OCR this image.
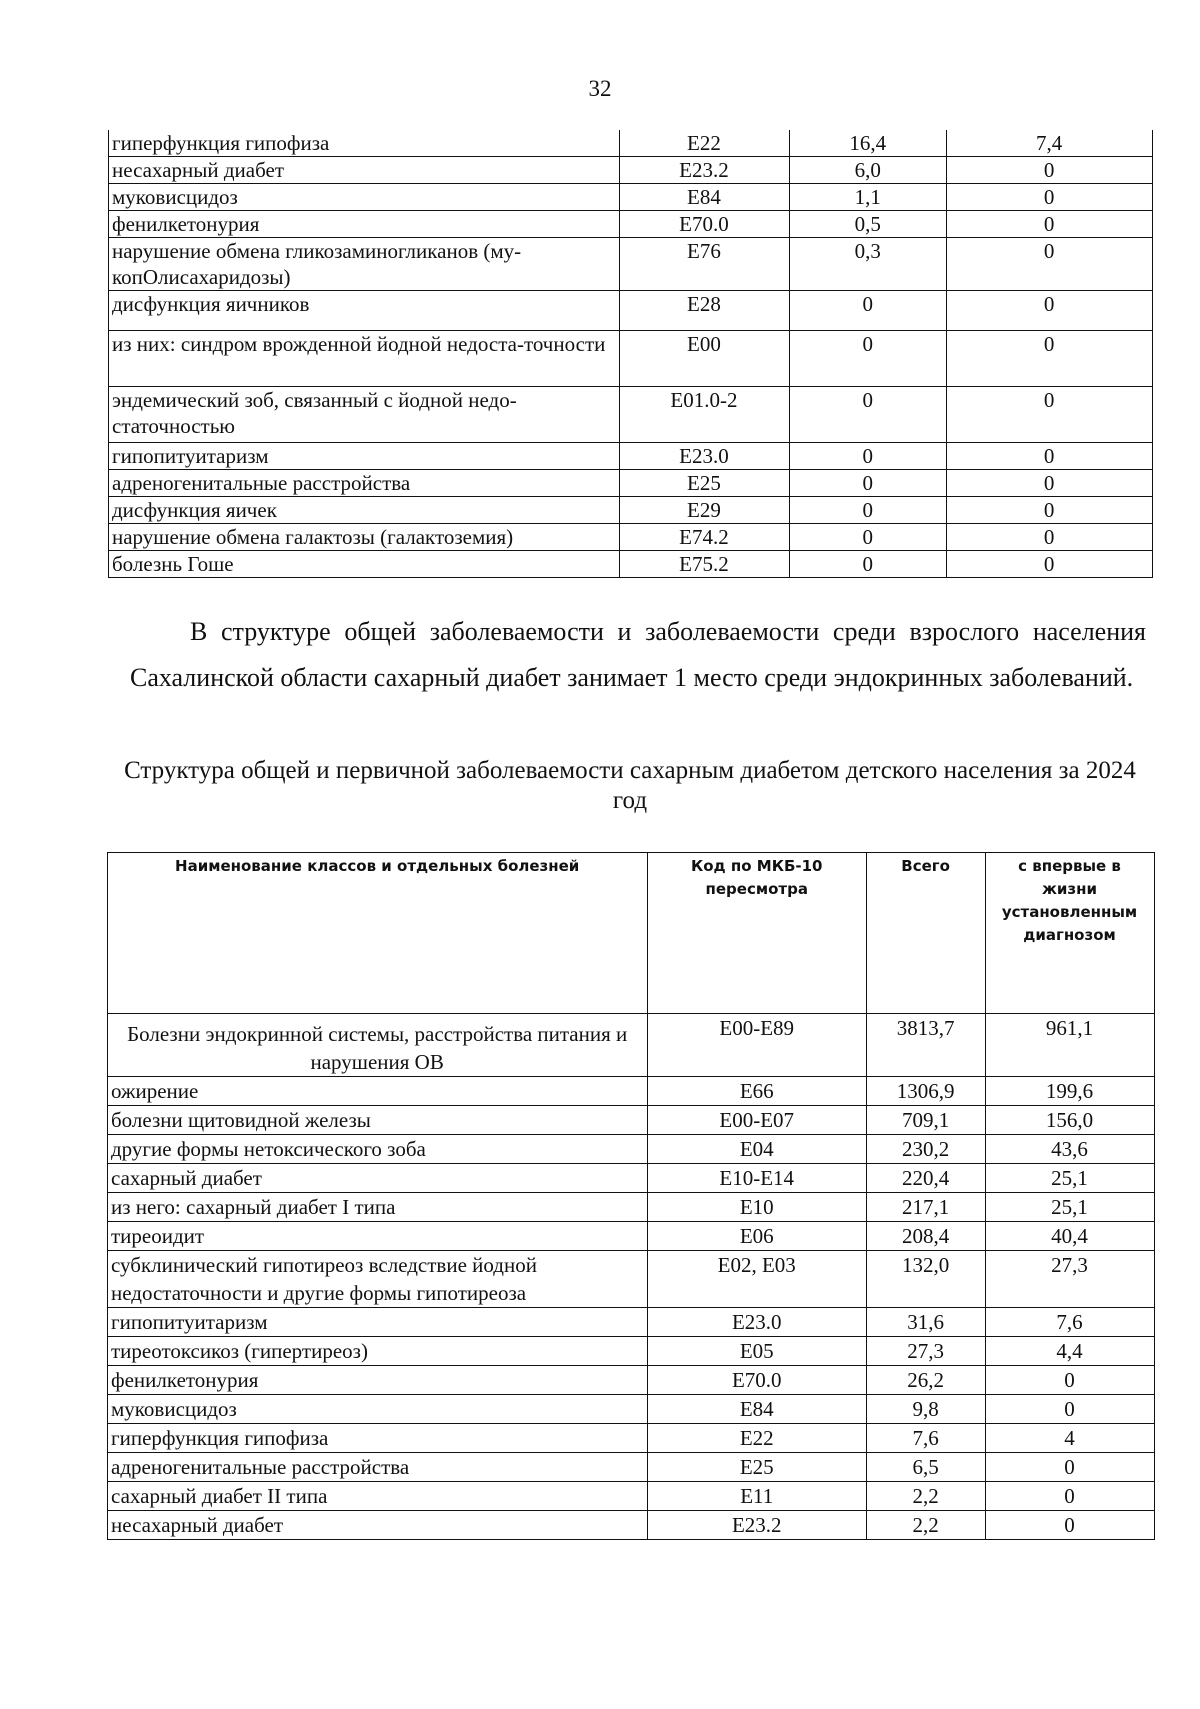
32
гиперфункция гипофиза	E22	16,4	7,4
несахарный диабет	E23.2	6,0	0
муковисцидоз	E84	1,1	0
фенилкетонурия	E70.0	0,5	0
нарушение обмена гликозаминогликанов (му-копОлисахаридозы)	E76	0,3	0
дисфункция яичников	E28	0	0
из них: синдром врожденной йодной недоста-точности	E00	0	0
эндемический зоб, связанный с йодной недо-статочностью	E01.0-2	0	0
гипопитуитаризм	E23.0	0	0
адреногенитальные расстройства	E25	0	0
дисфункция яичек	E29	0	0
нарушение обмена галактозы (галактоземия)	E74.2	0	0
болезнь Гоше	E75.2	0	0

В структуре общей заболеваемости и заболеваемости среди взрослого населения Сахалинской области сахарный диабет занимает 1 место среди эндокринных заболеваний.

Структура общей и первичной заболеваемости сахарным диабетом детского населения за 2024 год

Наименование классов и отдельных болезней	Код по МКБ-10 пересмотра	Всего	с впервые в жизни установленным диагнозом
Болезни эндокринной системы, расстройства питания и нарушения ОВ	E00-E89	3813,7	961,1
ожирение	E66	1306,9	199,6
болезни щитовидной железы	E00-E07	709,1	156,0
другие формы нетоксического зоба	E04	230,2	43,6
сахарный диабет	E10-E14	220,4	25,1
из него: сахарный диабет I типа	E10	217,1	25,1
тиреоидит	E06	208,4	40,4
субклинический гипотиреоз вследствие йодной недостаточности и другие формы гипотиреоза	E02, E03	132,0	27,3
гипопитуитаризм	E23.0	31,6	7,6
тиреотоксикоз (гипертиреоз)	E05	27,3	4,4
фенилкетонурия	E70.0	26,2	0
муковисцидоз	E84	9,8	0
гиперфункция гипофиза	E22	7,6	4
адреногенитальные расстройства	E25	6,5	0
сахарный диабет II типа	E11	2,2	0
несахарный диабет	E23.2	2,2	0
